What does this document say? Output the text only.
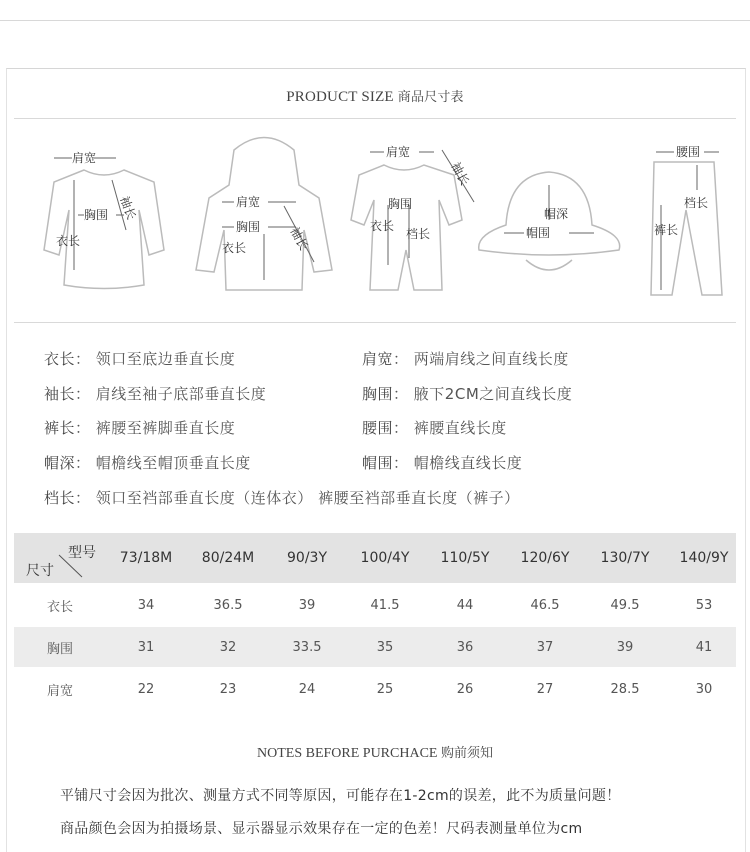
PRODUCT SIZE 商品尺寸表
肩宽
胸围
衣长
袖长	肩宽
胸围
衣长	袖长
肩宽
胸围
衣长
档长
袖长
帽深
帽围
腰围
档长
裤长
衣长： 领口至底边垂直长度	肩宽： 两端肩线之间直线长度
袖长： 肩线至袖子底部垂直长度	胸围： 腋下2CM之间直线长度
裤长： 裤腰至裤脚垂直长度	腰围： 裤腰直线长度
帽深： 帽檐线至帽顶垂直长度	帽围： 帽檐线直线长度
档长： 领口至裆部垂直长度（连体衣） 裤腰至裆部垂直长度（裤子）
型号
尺寸
73/18M 80/24M 90/3Y 100/4Y 110/5Y 120/6Y 130/7Y 140/9Y
衣长	34	36.5	39	41.5	44	46.5	49.5	53
胸围	31	32	33.5	35	36	37	39	41
肩宽	22	23	24	25	26	27	28.5	30
NOTES BEFORE PURCHACE 购前须知
平铺尺寸会因为批次、测量方式不同等原因，可能存在1-2cm的误差，此不为质量问题！
商品颜色会因为拍摄场景、显示器显示效果存在一定的色差！尺码表测量单位为cm
